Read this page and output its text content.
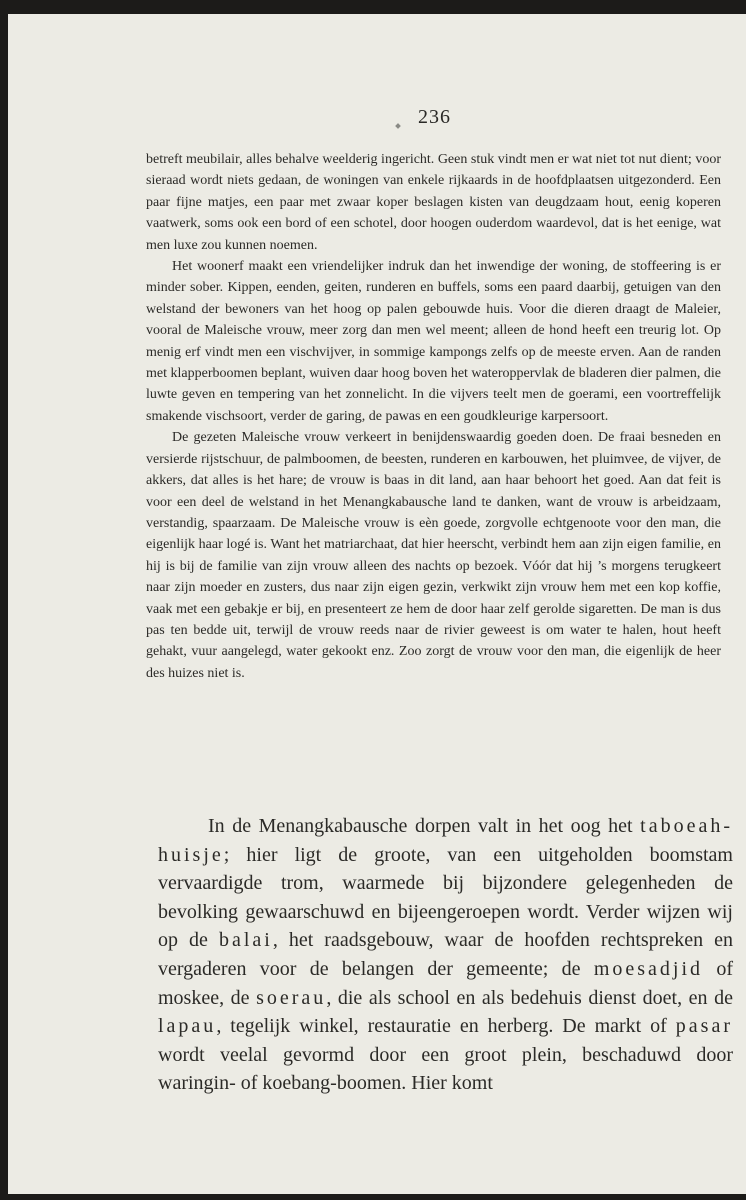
236

betreft meubilair, alles behalve weelderig ingericht. Geen stuk vindt men er wat niet tot nut dient; voor sieraad wordt niets gedaan, de woningen van enkele rijkaards in de hoofdplaatsen uitgezonderd. Een paar fijne matjes, een paar met zwaar koper beslagen kisten van deugdzaam hout, eenig koperen vaatwerk, soms ook een bord of een schotel, door hoogen ouderdom waardevol, dat is het eenige, wat men luxe zou kunnen noemen.

Het woonerf maakt een vriendelijker indruk dan het inwendige der woning, de stoffeering is er minder sober. Kippen, eenden, geiten, runderen en buffels, soms een paard daarbij, getuigen van den welstand der bewoners van het hoog op palen gebouwde huis. Voor die dieren draagt de Maleier, vooral de Maleische vrouw, meer zorg dan men wel meent; alleen de hond heeft een treurig lot. Op menig erf vindt men een vischvijver, in sommige kampongs zelfs op de meeste erven. Aan de randen met klapperboomen beplant, wuiven daar hoog boven het wateroppervlak de bladeren dier palmen, die luwte geven en tempering van het zonnelicht. In die vijvers teelt men de goerami, een voortreffelijk smakende vischsoort, verder de garing, de pawas en een goudkleurige karpersoort.

De gezeten Maleische vrouw verkeert in benijdenswaardig goeden doen. De fraai besneden en versierde rijstschuur, de palmboomen, de beesten, runderen en karbouwen, het pluimvee, de vijver, de akkers, dat alles is het hare; de vrouw is baas in dit land, aan haar behoort het goed. Aan dat feit is voor een deel de welstand in het Menangkabausche land te danken, want de vrouw is arbeidzaam, verstandig, spaarzaam. De Maleische vrouw is eèn goede, zorgvolle echtgenoote voor den man, die eigenlijk haar logé is. Want het matriarchaat, dat hier heerscht, verbindt hem aan zijn eigen familie, en hij is bij de familie van zijn vrouw alleen des nachts op bezoek. Vóór dat hij ’s morgens terugkeert naar zijn moeder en zusters, dus naar zijn eigen gezin, verkwikt zijn vrouw hem met een kop koffie, vaak met een gebakje er bij, en presenteert ze hem de door haar zelf gerolde sigaretten. De man is dus pas ten bedde uit, terwijl de vrouw reeds naar de rivier geweest is om water te halen, hout heeft gehakt, vuur aangelegd, water gekookt enz. Zoo zorgt de vrouw voor den man, die eigenlijk de heer des huizes niet is.

In de Menangkabausche dorpen valt in het oog het taboeah-huisje; hier ligt de groote, van een uitgeholden boomstam vervaardigde trom, waarmede bij bijzondere gelegenheden de bevolking gewaarschuwd en bijeengeroepen wordt. Verder wijzen wij op de balai, het raadsgebouw, waar de hoofden rechtspreken en vergaderen voor de belangen der gemeente; de moesadjid of moskee, de soerau, die als school en als bedehuis dienst doet, en de lapau, tegelijk winkel, restauratie en herberg. De markt of pasar wordt veelal gevormd door een groot plein, beschaduwd door waringin- of koebang-boomen. Hier komt
